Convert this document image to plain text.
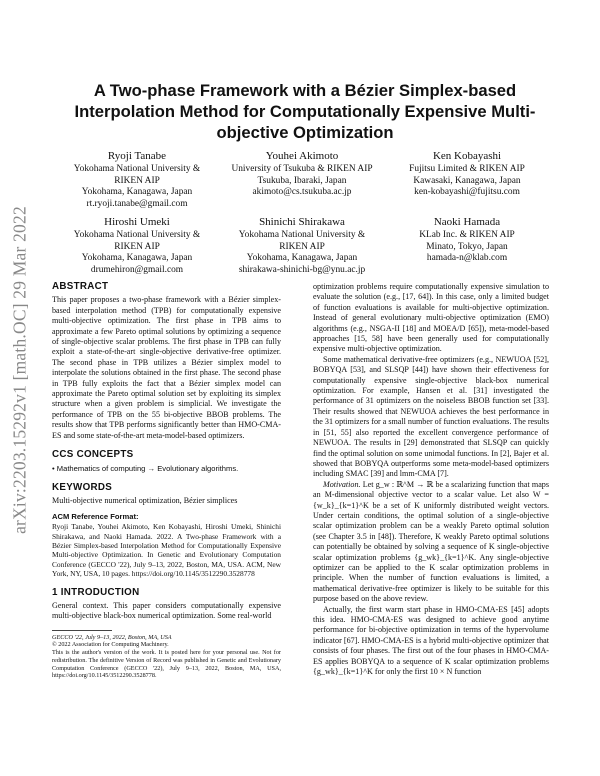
arXiv:2203.15292v1 [math.OC] 29 Mar 2022
A Two-phase Framework with a Bézier Simplex-based Interpolation Method for Computationally Expensive Multi-objective Optimization
Ryoji Tanabe
Yokohama National University &
RIKEN AIP
Yokohama, Kanagawa, Japan
rt.ryoji.tanabe@gmail.com
Youhei Akimoto
University of Tsukuba & RIKEN AIP
Tsukuba, Ibaraki, Japan
akimoto@cs.tsukuba.ac.jp
Ken Kobayashi
Fujitsu Limited & RIKEN AIP
Kawasaki, Kanagawa, Japan
ken-kobayashi@fujitsu.com
Hiroshi Umeki
Yokohama National University &
RIKEN AIP
Yokohama, Kanagawa, Japan
drumehiron@gmail.com
Shinichi Shirakawa
Yokohama National University &
RIKEN AIP
Yokohama, Kanagawa, Japan
shirakawa-shinichi-bg@ynu.ac.jp
Naoki Hamada
KLab Inc. & RIKEN AIP
Minato, Tokyo, Japan
hamada-n@klab.com
ABSTRACT

This paper proposes a two-phase framework with a Bézier simplex-based interpolation method (TPB) for computationally expensive multi-objective optimization. The first phase in TPB aims to approximate a few Pareto optimal solutions by optimizing a sequence of single-objective scalar problems. The first phase in TPB can fully exploit a state-of-the-art single-objective derivative-free optimizer. The second phase in TPB utilizes a Bézier simplex model to interpolate the solutions obtained in the first phase. The second phase in TPB fully exploits the fact that a Bézier simplex model can approximate the Pareto optimal solution set by exploiting its simplex structure when a given problem is simplicial. We investigate the performance of TPB on the 55 bi-objective BBOB problems. The results show that TPB performs significantly better than HMO-CMA-ES and some state-of-the-art meta-model-based optimizers.

CCS CONCEPTS

• Mathematics of computing → Evolutionary algorithms.

KEYWORDS

Multi-objective numerical optimization, Bézier simplices

ACM Reference Format:

Ryoji Tanabe, Youhei Akimoto, Ken Kobayashi, Hiroshi Umeki, Shinichi Shirakawa, and Naoki Hamada. 2022. A Two-phase Framework with a Bézier Simplex-based Interpolation Method for Computationally Expensive Multi-objective Optimization. In Genetic and Evolutionary Computation Conference (GECCO '22), July 9–13, 2022, Boston, MA, USA. ACM, New York, NY, USA, 10 pages. https://doi.org/10.1145/3512290.3528778

1 INTRODUCTION

General context. This paper considers computationally expensive multi-objective black-box numerical optimization. Some real-world

GECCO '22, July 9–13, 2022, Boston, MA, USA
© 2022 Association for Computing Machinery.
This is the author's version of the work. It is posted here for your personal use. Not for redistribution. The definitive Version of Record was published in Genetic and Evolutionary Computation Conference (GECCO '22), July 9–13, 2022, Boston, MA, USA, https://doi.org/10.1145/3512290.3528778.

optimization problems require computationally expensive simulation to evaluate the solution (e.g., [17, 64]). In this case, only a limited budget of function evaluations is available for multi-objective optimization. Instead of general evolutionary multi-objective optimization (EMO) algorithms (e.g., NSGA-II [18] and MOEA/D [65]), meta-model-based approaches [15, 58] have been generally used for computationally expensive multi-objective optimization.

Some mathematical derivative-free optimizers (e.g., NEWUOA [52], BOBYQA [53], and SLSQP [44]) have shown their effectiveness for computationally expensive single-objective black-box numerical optimization. For example, Hansen et al. [31] investigated the performance of 31 optimizers on the noiseless BBOB function set [33]. Their results showed that NEWUOA achieves the best performance in the 31 optimizers for a small number of function evaluations. The results in [51, 55] also reported the excellent convergence performance of NEWUOA. The results in [29] demonstrated that SLSQP can quickly find the optimal solution on some unimodal functions. In [2], Bajer et al. showed that BOBYQA outperforms some meta-model-based optimizers including SMAC [39] and lmm-CMA [7].

Motivation. Let g_w : ℝ^M → ℝ be a scalarizing function that maps an M-dimensional objective vector to a scalar value. Let also W = {w_k}_{k=1}^K be a set of K uniformly distributed weight vectors. Under certain conditions, the optimal solution of a single-objective scalar optimization problem can be a weakly Pareto optimal solution (see Chapter 3.5 in [48]). Therefore, K weakly Pareto optimal solutions can potentially be obtained by solving a sequence of K single-objective scalar optimization problems {g_wk}_{k=1}^K. Any single-objective optimizer can be applied to the K scalar optimization problems in principle. When the number of function evaluations is limited, a mathematical derivative-free optimizer is likely to be suitable for this purpose based on the above review.

Actually, the first warm start phase in HMO-CMA-ES [45] adopts this idea. HMO-CMA-ES was designed to achieve good anytime performance for bi-objective optimization in terms of the hypervolume indicator [67]. HMO-CMA-ES is a hybrid multi-objective optimizer that consists of four phases. The first out of the four phases in HMO-CMA-ES applies BOBYQA to a sequence of K scalar optimization problems {g_wk}_{k=1}^K for only the first 10 × N function
